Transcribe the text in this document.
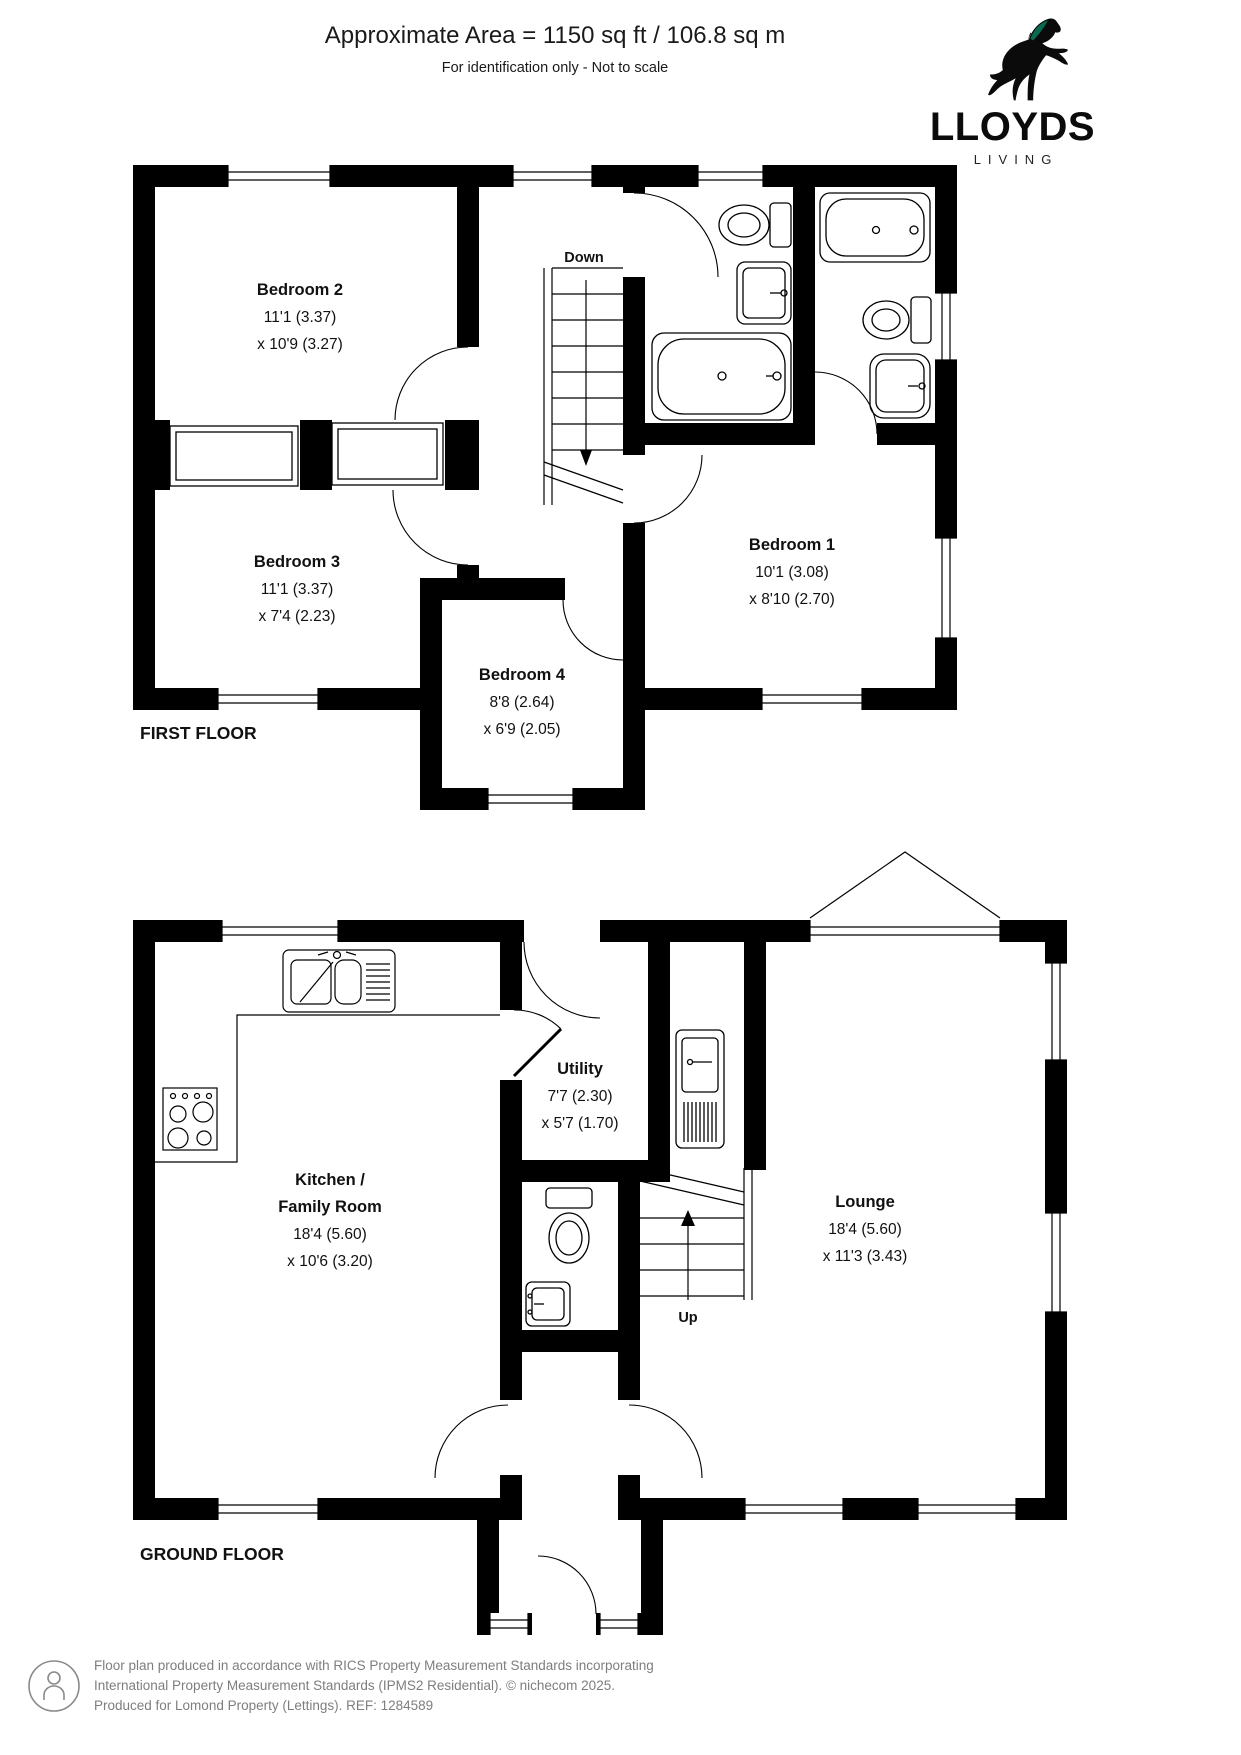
Approximate Area = 1150 sq ft / 106.8 sq m
For identification only - Not to scale
LLOYDS
LIVING
Bedroom 2
11'1 (3.37)
x 10'9 (3.27)
Bedroom 3
11'1 (3.37)
x 7'4 (2.23)
Bedroom 4
8'8 (2.64)
x 6'9 (2.05)
Bedroom 1
10'1 (3.08)
x 8'10 (2.70)
Down
FIRST FLOOR
Kitchen /
Family Room
18'4 (5.60)
x 10'6 (3.20)
Utility
7'7 (2.30)
x 5'7 (1.70)
Lounge
18'4 (5.60)
x 11'3 (3.43)
Up
GROUND FLOOR
Floor plan produced in accordance with RICS Property Measurement Standards incorporating
International Property Measurement Standards (IPMS2 Residential). © nichecom 2025.
Produced for Lomond Property (Lettings). REF: 1284589
